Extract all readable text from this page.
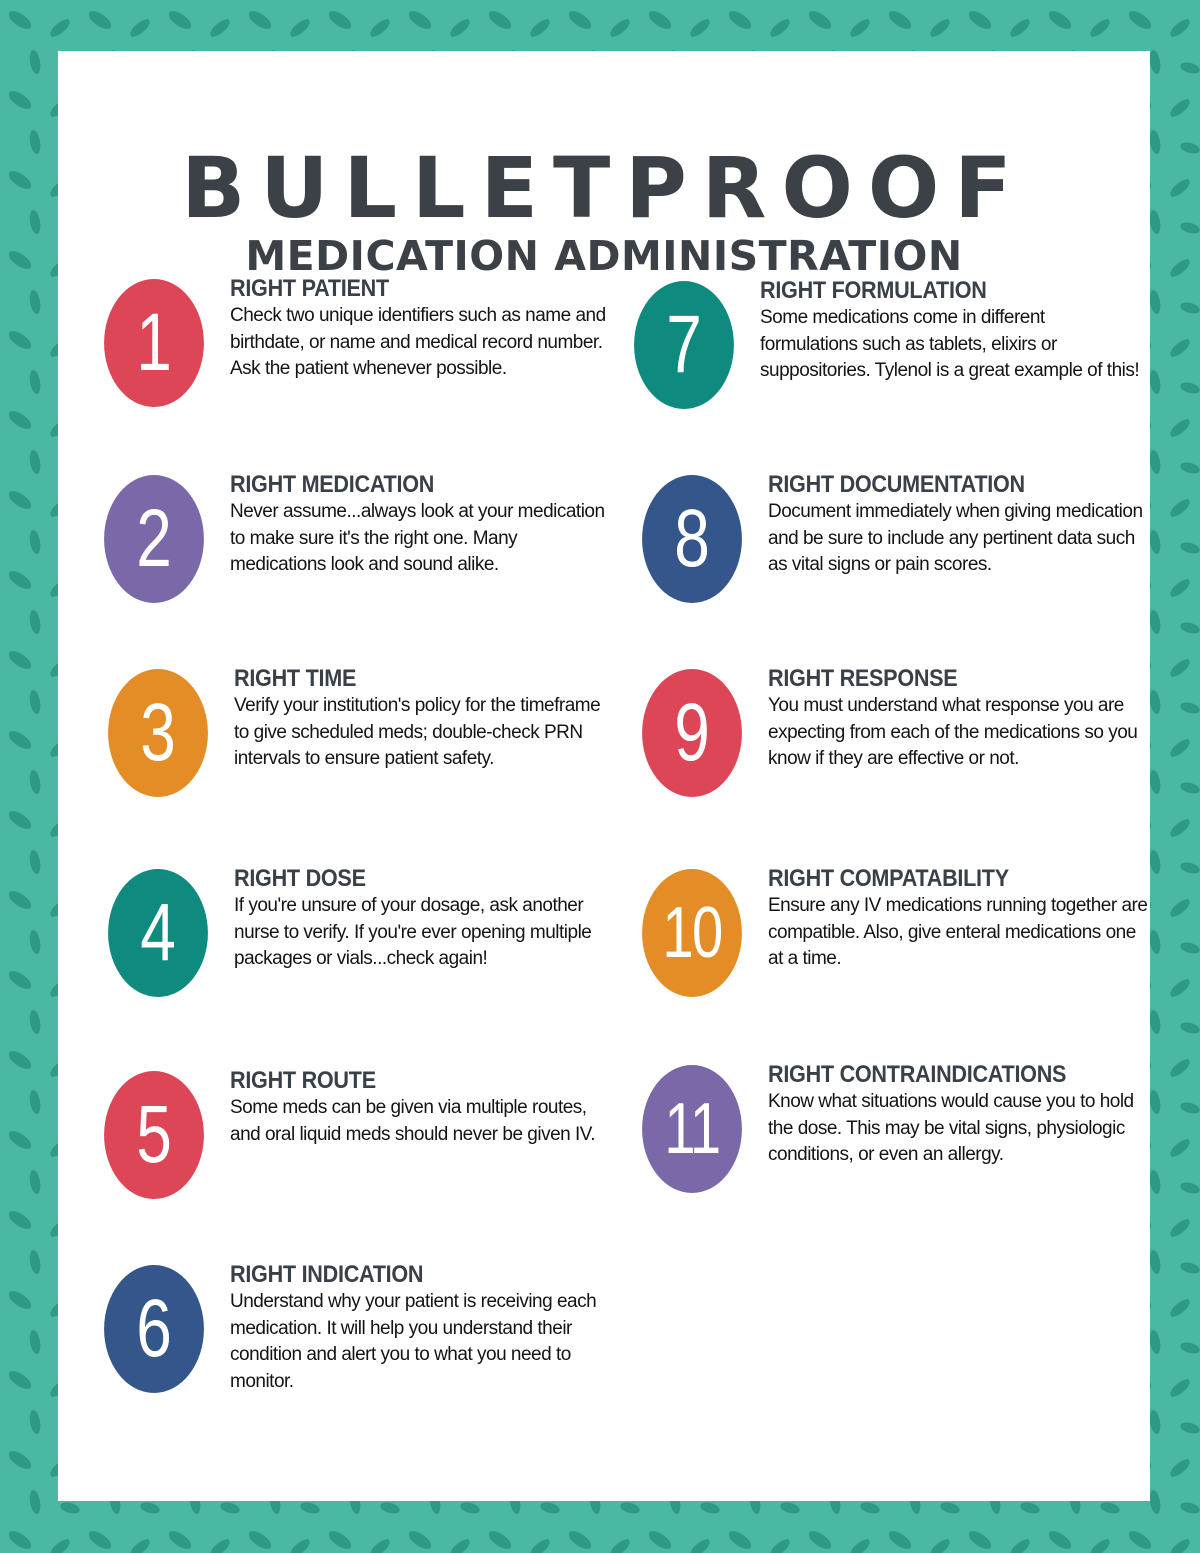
BULLETPROOF
MEDICATION ADMINISTRATION
1
RIGHT PATIENT
Check two unique identifiers such as name and birthdate, or name and medical record number. Ask the patient whenever possible.
2
RIGHT MEDICATION
Never assume...always look at your medication to make sure it's the right one. Many medications look and sound alike.
3
RIGHT TIME
Verify your institution's policy for the timeframe to give scheduled meds; double-check PRN intervals to ensure patient safety.
4
RIGHT DOSE
If you're unsure of your dosage, ask another nurse to verify. If you're ever opening multiple packages or vials...check again!
5
RIGHT ROUTE
Some meds can be given via multiple routes, and oral liquid meds should never be given IV.
6
RIGHT INDICATION
Understand why your patient is receiving each medication. It will help you understand their condition and alert you to what you need to monitor.
7
RIGHT FORMULATION
Some medications come in different formulations such as tablets, elixirs or suppositories. Tylenol is a great example of this!
8
RIGHT DOCUMENTATION
Document immediately when giving medication and be sure to include any pertinent data such as vital signs or pain scores.
9
RIGHT RESPONSE
You must understand what response you are expecting from each of the medications so you know if they are effective or not.
10
RIGHT COMPATABILITY
Ensure any IV medications running together are compatible. Also, give enteral medications one at a time.
11
RIGHT CONTRAINDICATIONS
Know what situations would cause you to hold the dose. This may be vital signs, physiologic conditions, or even an allergy.
